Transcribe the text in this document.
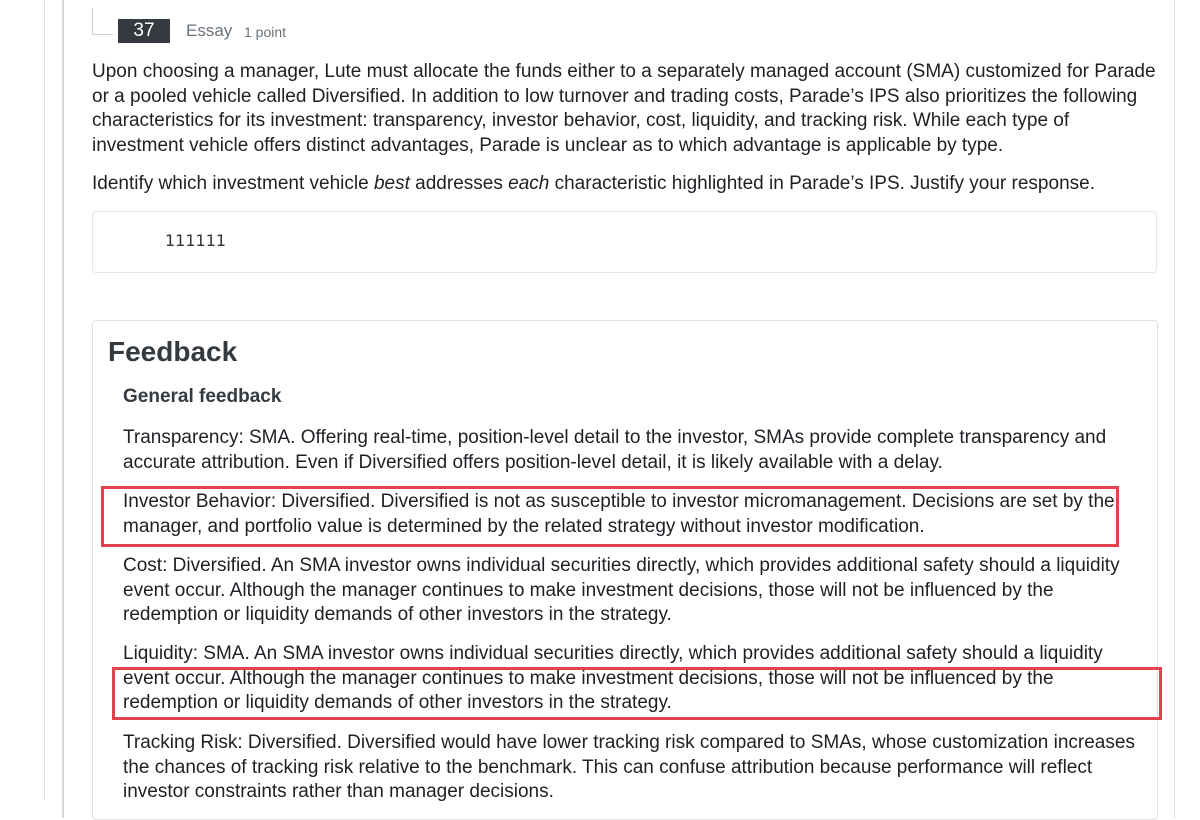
37	Essay 1 point

Upon choosing a manager, Lute must allocate the funds either to a separately managed account (SMA) customized for Parade or a pooled vehicle called Diversified. In addition to low turnover and trading costs, Parade’s IPS also prioritizes the following characteristics for its investment: transparency, investor behavior, cost, liquidity, and tracking risk. While each type of investment vehicle offers distinct advantages, Parade is unclear as to which advantage is applicable by type.

Identify which investment vehicle best addresses each characteristic highlighted in Parade’s IPS. Justify your response.

111111
Feedback
General feedback

Transparency: SMA. Offering real-time, position-level detail to the investor, SMAs provide complete transparency and accurate attribution. Even if Diversified offers position-level detail, it is likely available with a delay.

Investor Behavior: Diversified. Diversified is not as susceptible to investor micromanagement. Decisions are set by the manager, and portfolio value is determined by the related strategy without investor modification.

Cost: Diversified. An SMA investor owns individual securities directly, which provides additional safety should a liquidity event occur. Although the manager continues to make investment decisions, those will not be influenced by the redemption or liquidity demands of other investors in the strategy.

Liquidity: SMA. An SMA investor owns individual securities directly, which provides additional safety should a liquidity event occur. Although the manager continues to make investment decisions, those will not be influenced by the redemption or liquidity demands of other investors in the strategy.

Tracking Risk: Diversified. Diversified would have lower tracking risk compared to SMAs, whose customization increases the chances of tracking risk relative to the benchmark. This can confuse attribution because performance will reflect investor constraints rather than manager decisions.
